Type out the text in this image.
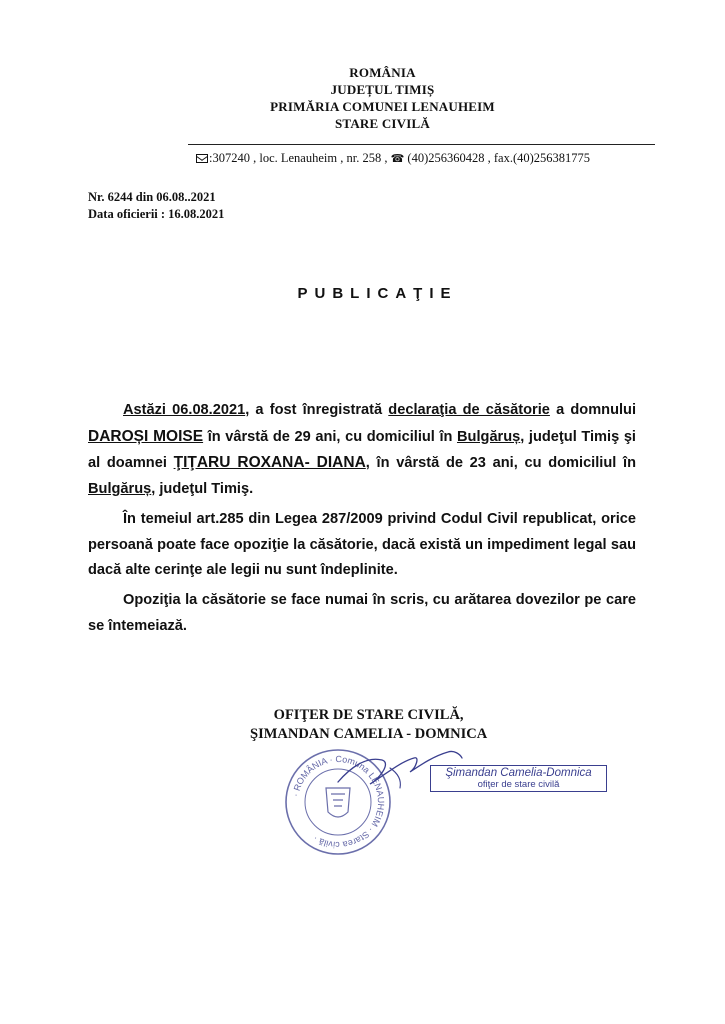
ROMÂNIA
JUDEȚUL TIMIȘ
PRIMĂRIA COMUNEI LENAUHEIM
STARE CIVILĂ
:307240 , loc. Lenauheim , nr. 258 , ☎ (40)256360428 , fax.(40)256381775
Nr. 6244 din 06.08..2021
Data oficierii : 16.08.2021
PUBLICAŢIE

Astăzi 06.08.2021, a fost înregistrată declaraţia de căsătorie a domnului DAROȘI MOISE în vârstă de 29 ani, cu domiciliul în Bulgăruș, judeţul Timiş şi al doamnei ŢIŢARU ROXANA- DIANA, în vârstă de 23 ani, cu domiciliul în Bulgăruș, judeţul Timiş.

În temeiul art.285 din Legea 287/2009 privind Codul Civil republicat, orice persoană poate face opoziţie la căsătorie, dacă există un impediment legal sau dacă alte cerinţe ale legii nu sunt îndeplinite.

Opoziţia la căsătorie se face numai în scris, cu arătarea dovezilor pe care se întemeiază.

OFIŢER DE STARE CIVILĂ,
ŞIMANDAN CAMELIA - DOMNICA
· ROMÂNIA · Comuna LENAUHEIM · Starea civilă ·
Şimandan Camelia-Domnica
ofiţer de stare civilă
